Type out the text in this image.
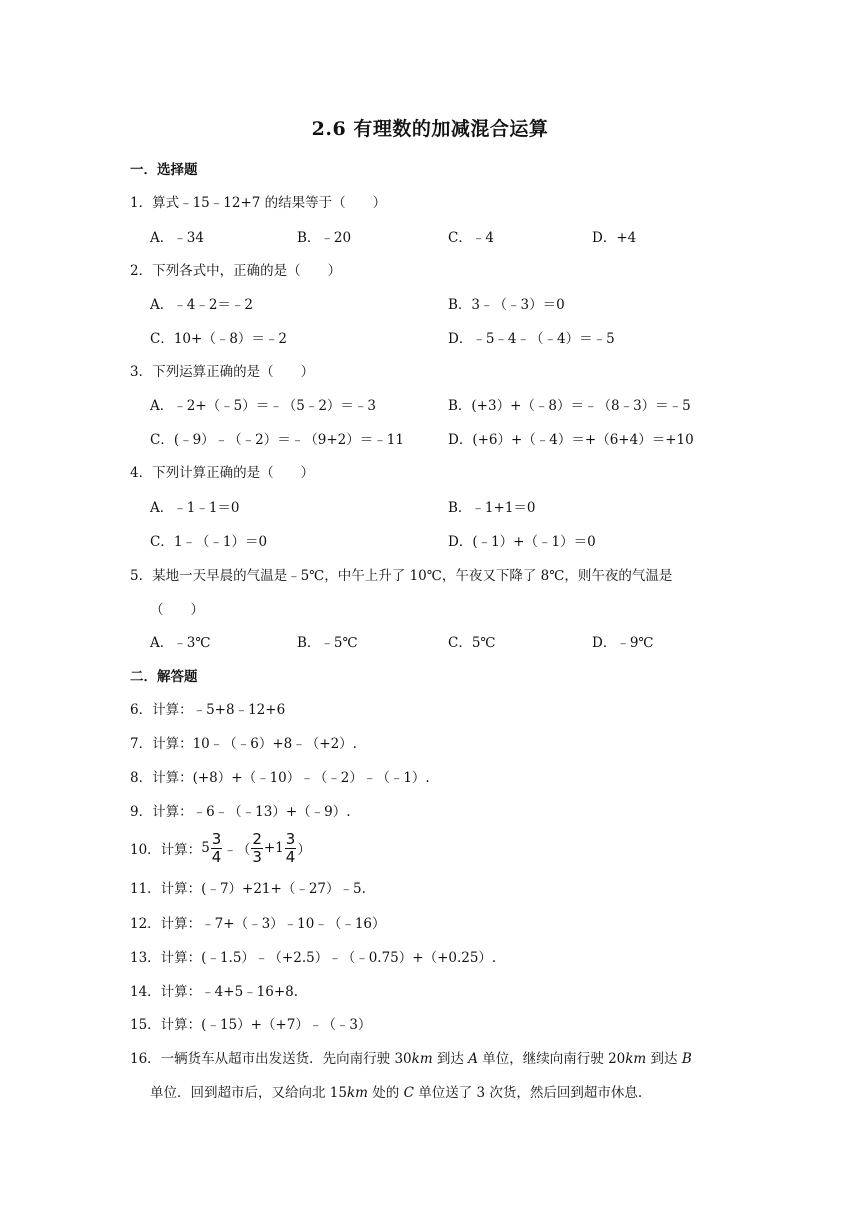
2.6 有理数的加减混合运算
一．选择题
1．算式﹣15﹣12+7 的结果等于（　　）
A．﹣34	B．﹣20	C．﹣4	D．+4
2．下列各式中，正确的是（　　）
A．﹣4﹣2＝﹣2	B．3﹣（﹣3）＝0
C．10+（﹣8）＝﹣2	D．﹣5﹣4﹣（﹣4）＝﹣5
3．下列运算正确的是（　　）
A．﹣2+（﹣5）＝﹣（5﹣2）＝﹣3	B．(+3）+（﹣8）＝﹣（8﹣3）＝﹣5
C．(﹣9）﹣（﹣2）＝﹣（9+2）＝﹣11	D．(+6）+（﹣4）＝+（6+4）＝+10
4．下列计算正确的是（　　）
A．﹣1﹣1＝0	B．﹣1+1＝0
C．1﹣（﹣1）＝0	D．(﹣1）+（﹣1）＝0
5．某地一天早晨的气温是﹣5℃，中午上升了 10℃，午夜又下降了 8℃，则午夜的气温是
（　　）
A．﹣3℃	B．﹣5℃	C．5℃	D．﹣9℃
二．解答题
6．计算：﹣5+8﹣12+6
7．计算：10﹣（﹣6）+8﹣（+2）.
8．计算：(+8）+（﹣10）﹣（﹣2）﹣（﹣1）.
9．计算：﹣6﹣（﹣13）+（﹣9）.
10．计算： $5 \frac{3}{4}$ ﹣（ $\frac{2}{3} +1 \frac{3}{4}$ ）
11．计算：(﹣7）+21+（﹣27）﹣5.
12．计算：﹣7+（﹣3）﹣10﹣（﹣16）
13．计算：(﹣1.5）﹣（+2.5）﹣（﹣0.75）+（+0.25）.
14．计算：﹣4+5﹣16+8.
15．计算：(﹣15）+（+7）﹣（﹣3）
16．一辆货车从超市出发送货．先向南行驶 30km 到达 A 单位，继续向南行驶 20km 到达 B
单位．回到超市后，又给向北 15km 处的 C 单位送了 3 次货，然后回到超市休息.
